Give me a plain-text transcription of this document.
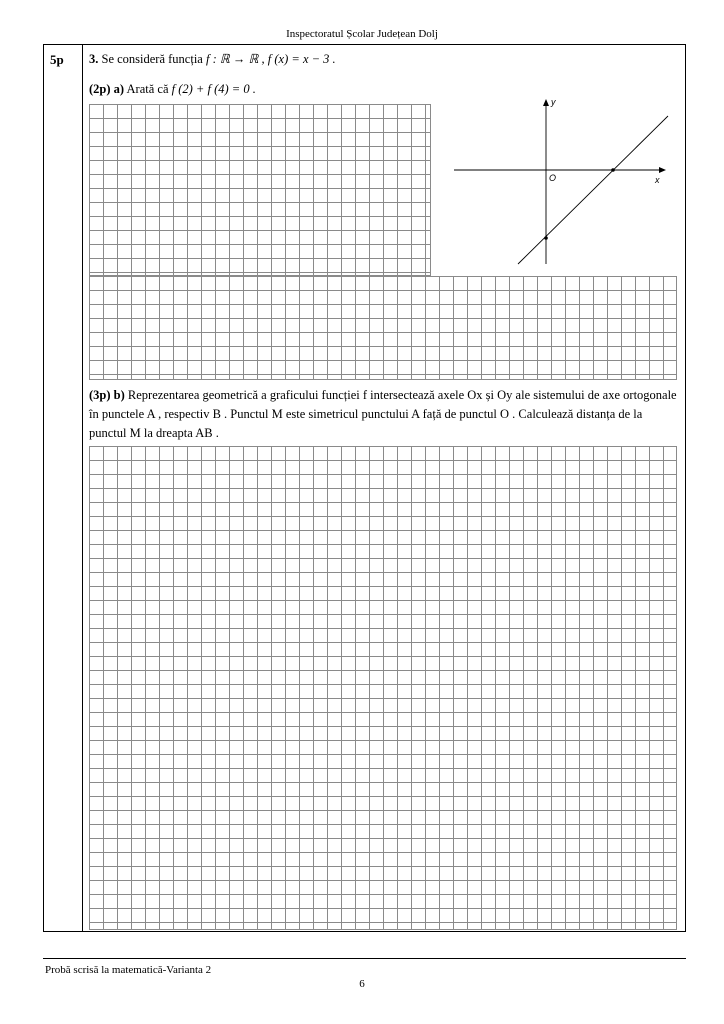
Inspectoratul Școlar Județean Dolj
5p 3. Se consideră funcția f : ℝ → ℝ , f (x) = x − 3 .
(2p) a) Arată că f (2) + f (4) = 0 .
y
x
O
(3p) b) Reprezentarea geometrică a graficului funcției f intersectează axele Ox și Oy ale sistemului de axe ortogonale în punctele A , respectiv B . Punctul M este simetricul punctului A față de punctul O . Calculează distanța de la punctul M la dreapta AB .
Probă scrisă la matematică-Varianta 2
6
